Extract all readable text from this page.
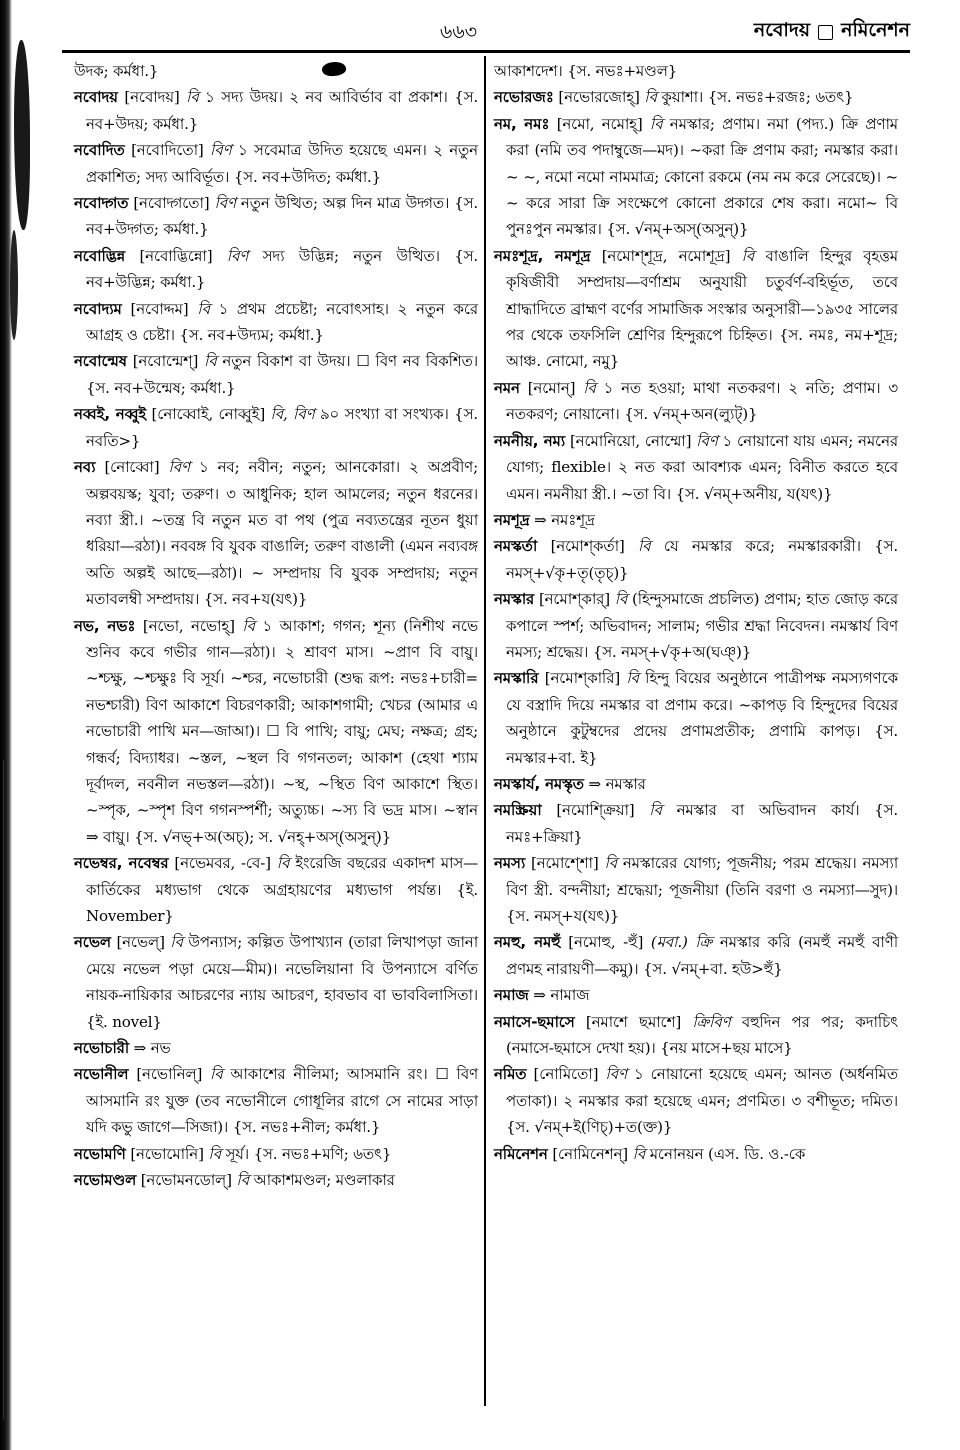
৬৬৩	নবোদয় নমিনেশন

উদক; কর্মধা.}

নবোদয় [নবোদয়] বি ১ সদ্য উদয়। ২ নব আবির্ভাব বা প্রকাশ। {স. নব+উদয়; কর্মধা.}

নবোদিত [নবোদিতো] বিণ ১ সবেমাত্র উদিত হয়েছে এমন। ২ নতুন প্রকাশিত; সদ্য আবির্ভূত। {স. নব+উদিত; কর্মধা.}

নবোদ্গত [নবোদ্গতো] বিণ নতুন উত্থিত; অল্প দিন মাত্র উদ্গত। {স. নব+উদ্গত; কর্মধা.}

নবোদ্ভিন্ন [নবোদ্ভিন্নো] বিণ সদ্য উদ্ভিন্ন; নতুন উত্থিত। {স. নব+উদ্ভিন্ন; কর্মধা.}

নবোদ্যম [নবোদ্দম] বি ১ প্রথম প্রচেষ্টা; নবোৎসাহ। ২ নতুন করে আগ্রহ ও চেষ্টা। {স. নব+উদ্যম; কর্মধা.}

নবোন্মেষ [নবোন্মেশ্] বি নতুন বিকাশ বা উদয়। ☐ বিণ নব বিকশিত। {স. নব+উন্মেষ; কর্মধা.}

নব্বই, নব্বুই [নোব্বোই, নোব্বুই] বি, বিণ ৯০ সংখ্যা বা সংখ্যক। {স. নবতি>}

নব্য [নোব্বো] বিণ ১ নব; নবীন; নতুন; আনকোরা। ২ অপ্রবীণ; অল্পবয়স্ক; যুবা; তরুণ। ৩ আধুনিক; হাল আমলের; নতুন ধরনের। নব্যা স্ত্রী.। ~তন্ত্র বি নতুন মত বা পথ (পুত্র নব্যতন্ত্রের নূতন ধুয়া ধরিয়া—রঠা)। নববঙ্গ বি যুবক বাঙালি; তরুণ বাঙালী (এমন নব্যবঙ্গ অতি অল্পই আছে—রঠা)। ~ সম্প্রদায় বি যুবক সম্প্রদায়; নতুন মতাবলম্বী সম্প্রদায়। {স. নব+য(যৎ)}

নভ, নভঃ [নভো, নভোহ্] বি ১ আকাশ; গগন; শূন্য (নিশীথ নভে শুনিব কবে গভীর গান—রঠা)। ২ শ্রাবণ মাস। ~প্রাণ বি বায়ু। ~শ্চক্ষু, ~শ্চক্ষুঃ বি সূর্য। ~শ্চর, নভোচারী (শুদ্ধ রূপ: নভঃ+চারী= নভশ্চারী) বিণ আকাশে বিচরণকারী; আকাশগামী; খেচর (আমার এ নভোচারী পাখি মন—জাআ)। ☐ বি পাখি; বায়ু; মেঘ; নক্ষত্র; গ্রহ; গন্ধর্ব; বিদ্যাধর। ~স্তল, ~স্থল বি গগনতল; আকাশ (হেথা শ্যাম দূর্বাদল, নবনীল নভস্তল—রঠা)। ~স্থ, ~স্থিত বিণ আকাশে স্থিত। ~স্পৃক, ~স্পৃশ বিণ গগনস্পর্শী; অত্যুচ্চ। ~স্য বি ভদ্র মাস। ~স্বান ⇒ বায়ু। {স. √নভ্+অ(অচ্); স. √নহ্+অস্(অসুন্)}

নভেম্বর, নবেম্বর [নভেমবর, -বে-] বি ইংরেজি বছরের একাদশ মাস—কার্তিকের মধ্যভাগ থেকে অগ্রহায়ণের মধ্যভাগ পর্যন্ত। {ই. November}

নভেল [নভেল্] বি উপন্যাস; কল্পিত উপাখ্যান (তারা লিখাপড়া জানা মেয়ে নভেল পড়া মেয়ে—মীম)। নভেলিয়ানা বি উপন্যাসে বর্ণিত নায়ক-নায়িকার আচরণের ন্যায় আচরণ, হাবভাব বা ভাববিলাসিতা। {ই. novel}

নভোচারী ⇒ নভ

নভোনীল [নভোনিল্] বি আকাশের নীলিমা; আসমানি রং। ☐ বিণ আসমানি রং যুক্ত (তব নভোনীলে গোধূলির রাগে সে নামের সাড়া যদি কভু জাগে—সিজা)। {স. নভঃ+নীল; কর্মধা.}

নভোমণি [নভোমোনি] বি সূর্য। {স. নভঃ+মণি; ৬তৎ}

নভোমণ্ডল [নভোমনডোল্] বি আকাশমণ্ডল; মণ্ডলাকার

আকাশদেশ। {স. নভঃ+মণ্ডল}

নভোরজঃ [নভোরজোহ্] বি কুয়াশা। {স. নভঃ+রজঃ; ৬তৎ}

নম, নমঃ [নমো, নমোহ্] বি নমস্কার; প্রণাম। নমা (পদ্য.) ক্রি প্রণাম করা (নমি তব পদাম্বুজে—মদ)। ~করা ক্রি প্রণাম করা; নমস্কার করা। ~ ~, নমো নমো নামমাত্র; কোনো রকমে (নম নম করে সেরেছে)। ~ ~ করে সারা ক্রি সংক্ষেপে কোনো প্রকারে শেষ করা। নমো~ বি পুনঃপুন নমস্কার। {স. √নম্+অস্(অসুন্)}

নমঃশূদ্র, নমশূদ্র [নমোশ্শূদ্র, নমোশূদ্র] বি বাঙালি হিন্দুর বৃহত্তম কৃষিজীবী সম্প্রদায়—বর্ণাশ্রম অনুযায়ী চতুর্বর্ণ-বহির্ভূত, তবে শ্রাদ্ধাদিতে ব্রাহ্মণ বর্ণের সামাজিক সংস্কার অনুসারী—১৯৩৫ সালের পর থেকে তফসিলি শ্রেণির হিন্দুরূপে চিহ্নিত। {স. নমঃ, নম+শূদ্র; আঞ্চ. নোমো, নমু}

নমন [নমোন্] বি ১ নত হওয়া; মাথা নতকরণ। ২ নতি; প্রণাম। ৩ নতকরণ; নোয়ানো। {স. √নম্+অন(ল্যুট্)}

নমনীয়, নম্য [নমোনিয়ো, নোম্মো] বিণ ১ নোয়ানো যায় এমন; নমনের যোগ্য; flexible। ২ নত করা আবশ্যক এমন; বিনীত করতে হবে এমন। নমনীয়া স্ত্রী.। ~তা বি। {স. √নম্+অনীয়, য(যৎ)}

নমশূদ্র ⇒ নমঃশূদ্র

নমস্কর্তা [নমোশ্কর্তা] বি যে নমস্কার করে; নমস্কারকারী। {স. নমস্+√কৃ+তৃ(তৃচ্)}

নমস্কার [নমোশ্কার্] বি (হিন্দুসমাজে প্রচলিত) প্রণাম; হাত জোড় করে কপালে স্পর্শ; অভিবাদন; সালাম; গভীর শ্রদ্ধা নিবেদন। নমস্কার্য বিণ নমস্য; শ্রদ্ধেয়। {স. নমস্+√কৃ+অ(ঘঞ্)}

নমস্কারি [নমোশ্কারি] বি হিন্দু বিয়ের অনুষ্ঠানে পাত্রীপক্ষ নমস্যগণকে যে বস্ত্রাদি দিয়ে নমস্কার বা প্রণাম করে। ~কাপড় বি হিন্দুদের বিয়ের অনুষ্ঠানে কুটুম্বদের প্রদেয় প্রণামপ্রতীক; প্রণামি কাপড়। {স. নমস্কার+বা. ই}

নমস্কার্য, নমস্কৃত ⇒ নমস্কার

নমস্ক্রিয়া [নমোশ্ক্রিয়া] বি নমস্কার বা অভিবাদন কার্য। {স. নমঃ+ক্রিয়া}

নমস্য [নমোশ্শো] বি নমস্কারের যোগ্য; পূজনীয়; পরম শ্রদ্ধেয়। নমস্যা বিণ স্ত্রী. বন্দনীয়া; শ্রদ্ধেয়া; পূজনীয়া (তিনি বরণা ও নমস্যা—সুদ)। {স. নমস্+য(যৎ)}

নমহু, নমহুঁ [নমোহু, -হুঁ] (মবা.) ক্রি নমস্কার করি (নমহুঁ নমহুঁ বাণী প্রণমহ নারায়ণী—কমু)। {স. √নম্+বা. হউ>হুঁ}

নমাজ ⇒ নামাজ

নমাসে-ছমাসে [নমাশে ছমাশে] ক্রিবিণ বহুদিন পর পর; কদাচিৎ (নমাসে-ছমাসে দেখা হয়)। {নয় মাসে+ছয় মাসে}

নমিত [নোমিতো] বিণ ১ নোয়ানো হয়েছে এমন; আনত (অর্ধনমিত পতাকা)। ২ নমস্কার করা হয়েছে এমন; প্রণমিত। ৩ বশীভূত; দমিত। {স. √নম্+ই(ণিচ্)+ত(ক্ত)}

নমিনেশন [নোমিনেশন্] বি মনোনয়ন (এস. ডি. ও.-কে
